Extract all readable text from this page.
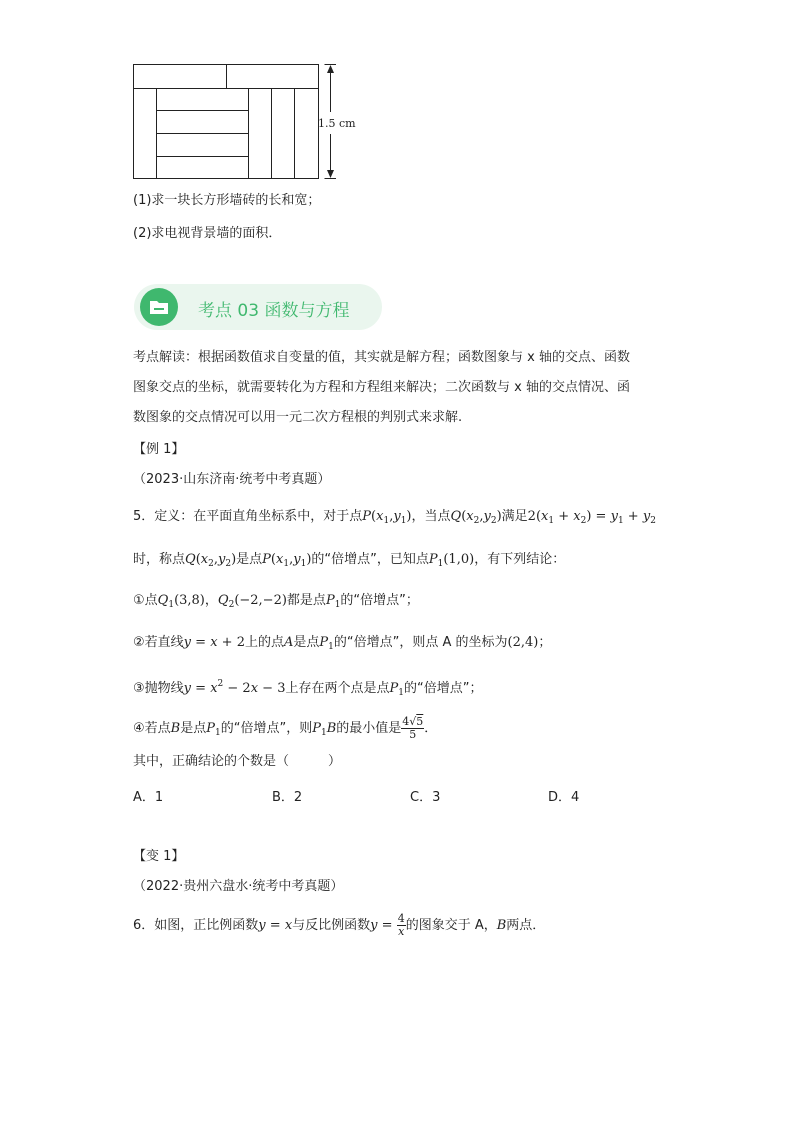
1.5 cm
(1)求一块长方形墙砖的长和宽；
(2)求电视背景墙的面积．
考点 03 函数与方程
考点解读：根据函数值求自变量的值，其实就是解方程；函数图象与 x 轴的交点、函数
图象交点的坐标，就需要转化为方程和方程组来解决；二次函数与 x 轴的交点情况、函
数图象的交点情况可以用一元二次方程根的判别式来求解.
【例 1】
（2023·山东济南·统考中考真题）
5．定义：在平面直角坐标系中，对于点$P(x_1,y_1)$，当点$Q(x_2,y_2)$满足$2(x_1 + x_2) = y_1 + y_2$
时，称点$Q(x_2,y_2)$是点$P(x_1,y_1)$的“倍增点”，已知点$P_1(1,0)$，有下列结论：
①点$Q_1(3,8)$，$Q_2(-2,-2)$都是点$P_1$的“倍增点”；
②若直线y = x + 2上的点A是点$P_1$的“倍增点”，则点 A 的坐标为(2,4)；
③抛物线$y = x^2 - 2x - 3$上存在两个点是点$P_1$的“倍增点”；
④若点B是点$P_1$的“倍增点”，则$P_1B$的最小值是 $\frac{4√5}{5}$ ．
其中，正确结论的个数是（　　　）
A．1	B．2	C．3	D．4
【变 1】
（2022·贵州六盘水·统考中考真题）
6．如图，正比例函数y = x与反比例函数$y = \frac{4}{x}$ 的图象交于 A，B两点．
